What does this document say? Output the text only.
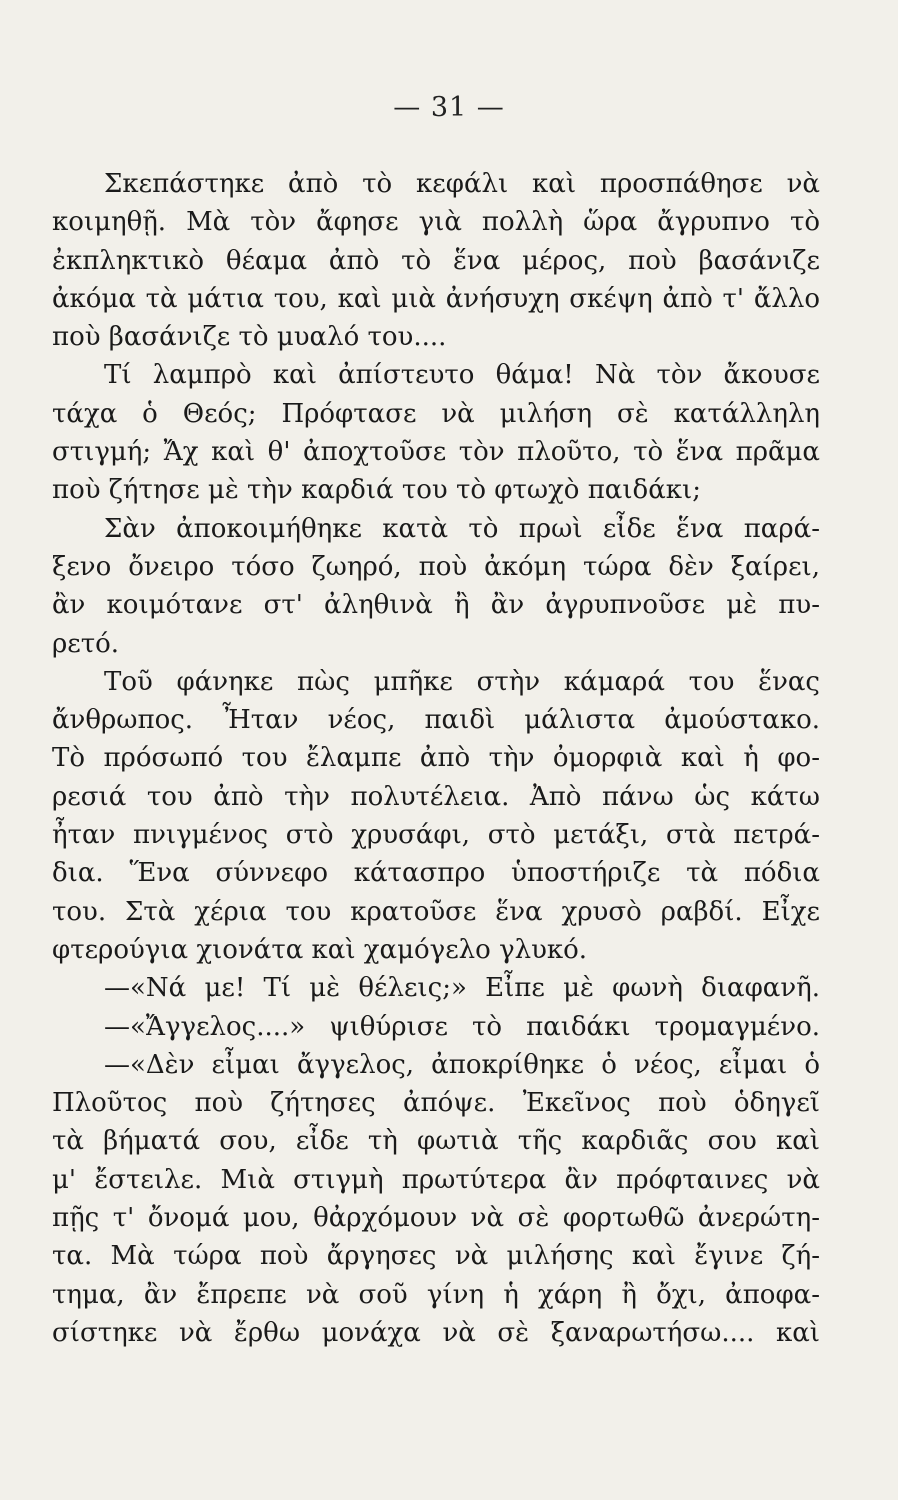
— 31 —
Σκεπάστηκε ἀπὸ τὸ κεφάλι καὶ προσπάθησε νὰ
κοιμηθῇ. Μὰ τὸν ἄφησε γιὰ πολλὴ ὥρα ἄγρυπνο τὸ
ἐκπληκτικὸ θέαμα ἀπὸ τὸ ἕνα μέρος, ποὺ βασάνιζε
ἀκόμα τὰ μάτια του, καὶ μιὰ ἀνήσυχη σκέψη ἀπὸ τ' ἄλλο
ποὺ βασάνιζε τὸ μυαλό του....
Τί λαμπρὸ καὶ ἀπίστευτο θάμα! Νὰ τὸν ἄκουσε
τάχα ὁ Θεός; Πρόφτασε νὰ μιλήση σὲ κατάλληλη
στιγμή; Ἄχ καὶ θ' ἀποχτοῦσε τὸν πλοῦτο, τὸ ἕνα πρᾶμα
ποὺ ζήτησε μὲ τὴν καρδιά του τὸ φτωχὸ παιδάκι;
Σὰν ἀποκοιμήθηκε κατὰ τὸ πρωὶ εἶδε ἕνα παρά-
ξενο ὄνειρο τόσο ζωηρό, ποὺ ἀκόμη τώρα δὲν ξαίρει,
ἂν κοιμότανε στ' ἀληθινὰ ἢ ἂν ἀγρυπνοῦσε μὲ πυ-
ρετό.
Τοῦ φάνηκε πὼς μπῆκε στὴν κάμαρά του ἕνας
ἄνθρωπος. Ἦταν νέος, παιδὶ μάλιστα ἀμούστακο.
Τὸ πρόσωπό του ἔλαμπε ἀπὸ τὴν ὀμορφιὰ καὶ ἡ φο-
ρεσιά του ἀπὸ τὴν πολυτέλεια. Ἀπὸ πάνω ὡς κάτω
ἦταν πνιγμένος στὸ χρυσάφι, στὸ μετάξι, στὰ πετρά-
δια. Ἕνα σύννεφο κάτασπρο ὑποστήριζε τὰ πόδια
του. Στὰ χέρια του κρατοῦσε ἕνα χρυσὸ ραβδί. Εἶχε
φτερούγια χιονάτα καὶ χαμόγελο γλυκό.
—«Νά με! Τί μὲ θέλεις;» Εἶπε μὲ φωνὴ διαφανῆ.
—«Ἄγγελος....» ψιθύρισε τὸ παιδάκι τρομαγμένο.
—«Δὲν εἶμαι ἄγγελος, ἀποκρίθηκε ὁ νέος, εἶμαι ὁ
Πλοῦτος ποὺ ζήτησες ἀπόψε. Ἐκεῖνος ποὺ ὁδηγεῖ
τὰ βήματά σου, εἶδε τὴ φωτιὰ τῆς καρδιᾶς σου καὶ
μ' ἔστειλε. Μιὰ στιγμὴ πρωτύτερα ἂν πρόφταινες νὰ
πῇς τ' ὄνομά μου, θἀρχόμουν νὰ σὲ φορτωθῶ ἀνερώτη-
τα. Μὰ τώρα ποὺ ἄργησες νὰ μιλήσης καὶ ἔγινε ζή-
τημα, ἂν ἔπρεπε νὰ σοῦ γίνη ἡ χάρη ἢ ὄχι, ἀποφα-
σίστηκε νὰ ἔρθω μονάχα νὰ σὲ ξαναρωτήσω.... καὶ
